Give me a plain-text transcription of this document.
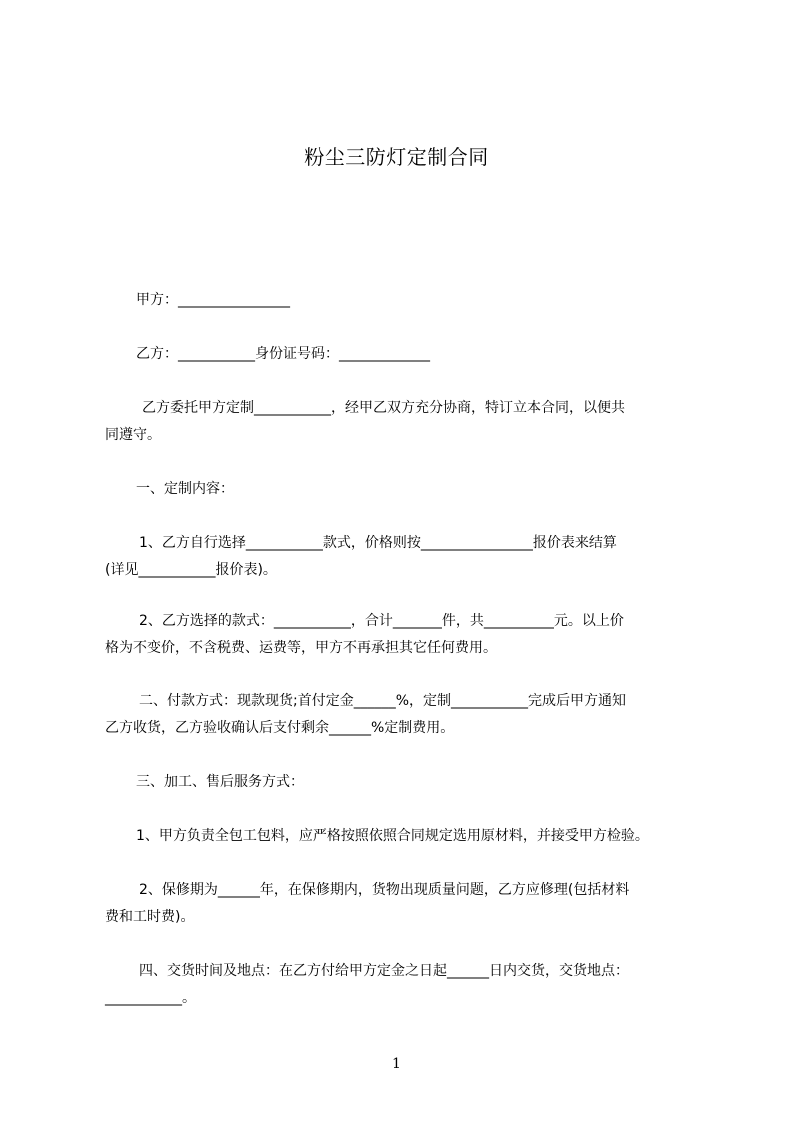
粉尘三防灯定制合同
甲方：________________
乙方：___________身份证号码：_____________
乙方委托甲方定制___________，经甲乙双方充分协商，特订立本合同，以便共
同遵守。
一、定制内容：
1、乙方自行选择___________款式，价格则按________________报价表来结算
(详见___________报价表)。
2、乙方选择的款式：___________，合计_______件，共__________元。以上价
格为不变价，不含税费、运费等，甲方不再承担其它任何费用。
二、付款方式：现款现货;首付定金______%，定制___________完成后甲方通知
乙方收货，乙方验收确认后支付剩余______%定制费用。
三、加工、售后服务方式：
1、甲方负责全包工包料，应严格按照依照合同规定选用原材料，并接受甲方检验。
2、保修期为______年，在保修期内，货物出现质量问题，乙方应修理(包括材料
费和工时费)。
四、交货时间及地点：在乙方付给甲方定金之日起______日内交货，交货地点：
___________。
1
